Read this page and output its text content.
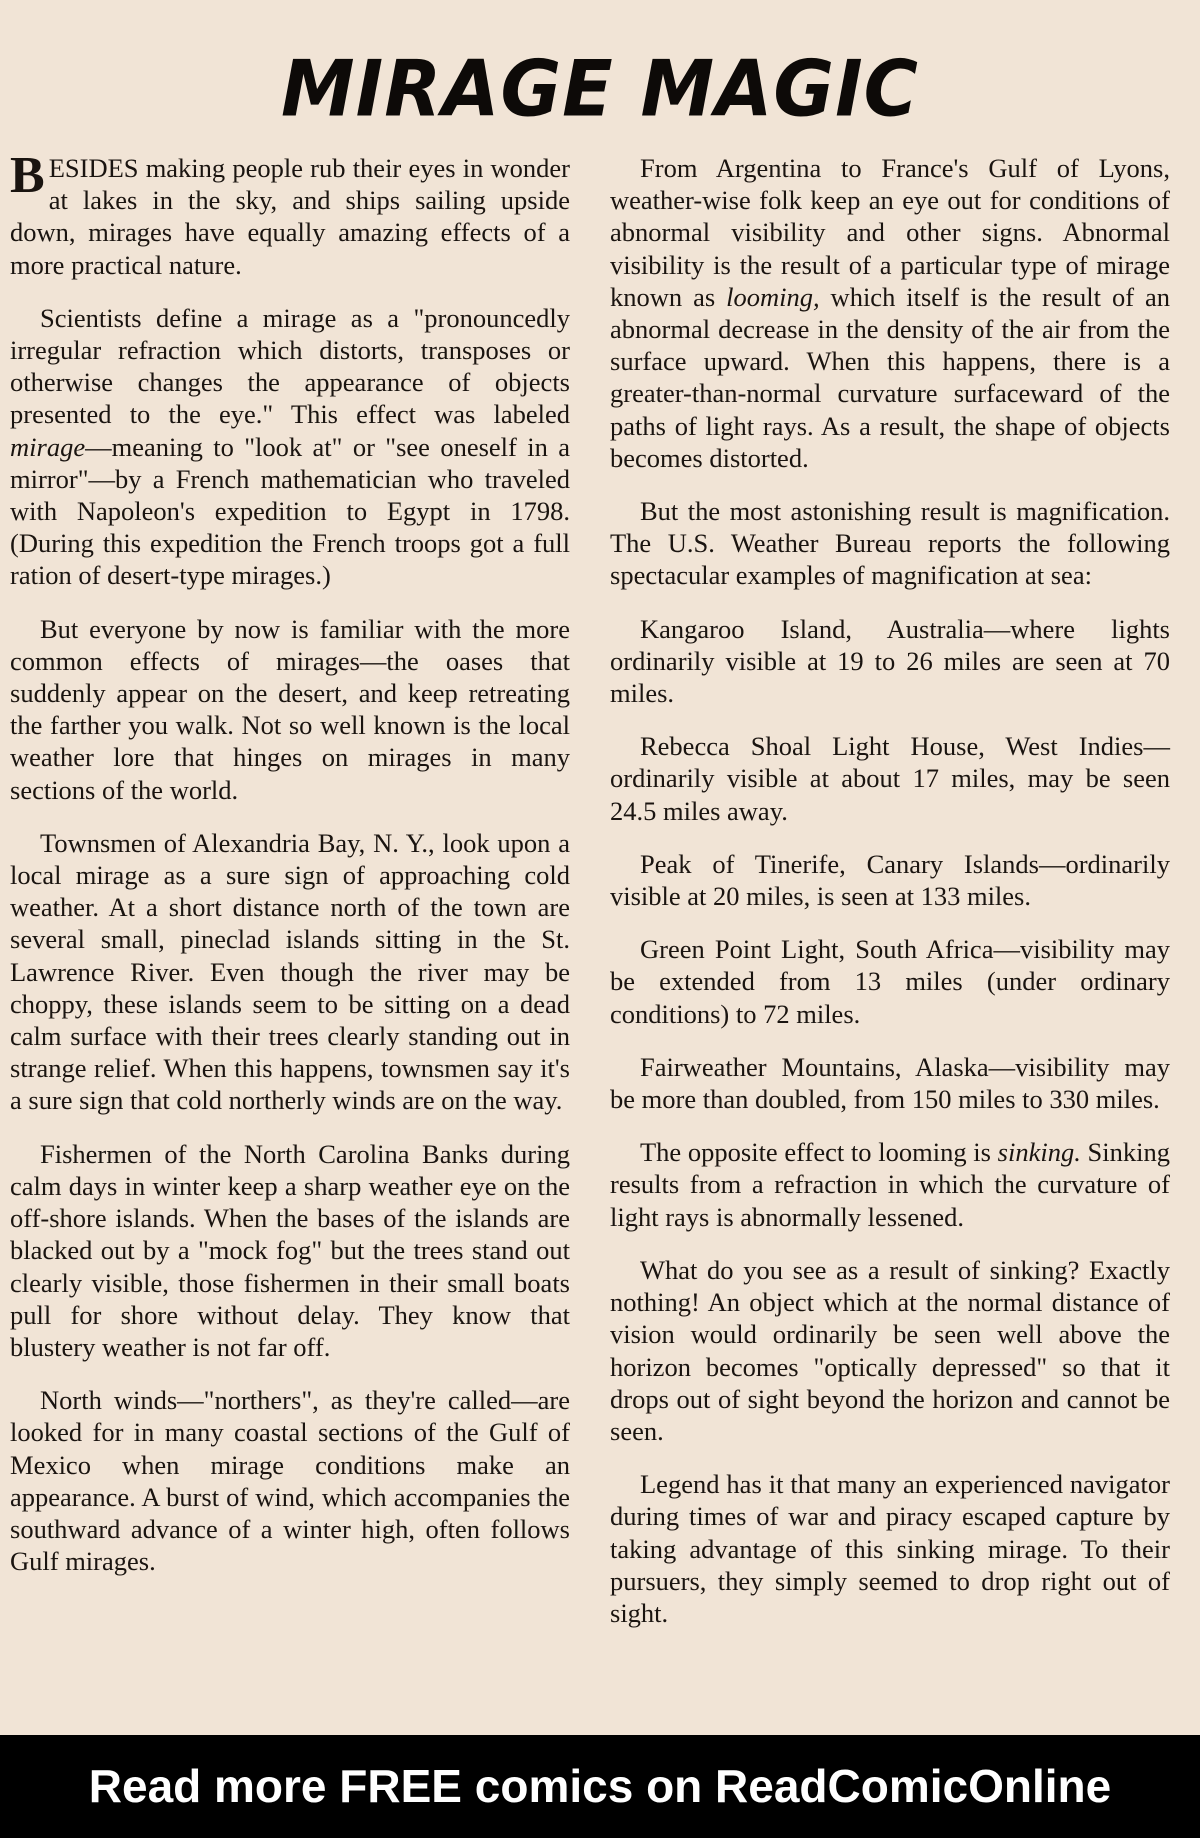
MIRAGE MAGIC

BESIDES making people rub their eyes in wonder at lakes in the sky, and ships sailing upside down, mirages have equally amazing effects of a more practical nature.

Scientists define a mirage as a "pronouncedly irregular refraction which distorts, transposes or otherwise changes the appearance of objects presented to the eye." This effect was labeled mirage—meaning to "look at" or "see oneself in a mirror"—by a French mathematician who traveled with Napoleon's expedition to Egypt in 1798. (During this expedition the French troops got a full ration of desert-type mirages.)

But everyone by now is familiar with the more common effects of mirages—the oases that suddenly appear on the desert, and keep retreating the farther you walk. Not so well known is the local weather lore that hinges on mirages in many sections of the world.

Townsmen of Alexandria Bay, N. Y., look upon a local mirage as a sure sign of approaching cold weather. At a short distance north of the town are several small, pineclad islands sitting in the St. Lawrence River. Even though the river may be choppy, these islands seem to be sitting on a dead calm surface with their trees clearly standing out in strange relief. When this happens, townsmen say it's a sure sign that cold northerly winds are on the way.

Fishermen of the North Carolina Banks during calm days in winter keep a sharp weather eye on the off-shore islands. When the bases of the islands are blacked out by a "mock fog" but the trees stand out clearly visible, those fishermen in their small boats pull for shore without delay. They know that blustery weather is not far off.

North winds—"northers", as they're called—are looked for in many coastal sections of the Gulf of Mexico when mirage conditions make an appearance. A burst of wind, which accompanies the southward advance of a winter high, often follows Gulf mirages.

From Argentina to France's Gulf of Lyons, weather-wise folk keep an eye out for conditions of abnormal visibility and other signs. Abnormal visibility is the result of a particular type of mirage known as looming, which itself is the result of an abnormal decrease in the density of the air from the surface upward. When this happens, there is a greater-than-normal curvature surfaceward of the paths of light rays. As a result, the shape of objects becomes distorted.

But the most astonishing result is magnification. The U.S. Weather Bureau reports the following spectacular examples of magnification at sea:

Kangaroo Island, Australia—where lights ordinarily visible at 19 to 26 miles are seen at 70 miles.

Rebecca Shoal Light House, West Indies—ordinarily visible at about 17 miles, may be seen 24.5 miles away.

Peak of Tinerife, Canary Islands—ordinarily visible at 20 miles, is seen at 133 miles.

Green Point Light, South Africa—visibility may be extended from 13 miles (under ordinary conditions) to 72 miles.

Fairweather Mountains, Alaska—visibility may be more than doubled, from 150 miles to 330 miles.

The opposite effect to looming is sinking. Sinking results from a refraction in which the curvature of light rays is abnormally lessened.

What do you see as a result of sinking? Exactly nothing! An object which at the normal distance of vision would ordinarily be seen well above the horizon becomes "optically depressed" so that it drops out of sight beyond the horizon and cannot be seen.

Legend has it that many an experienced navigator during times of war and piracy escaped capture by taking advantage of this sinking mirage. To their pursuers, they simply seemed to drop right out of sight.

Read more FREE comics on ReadComicOnline
